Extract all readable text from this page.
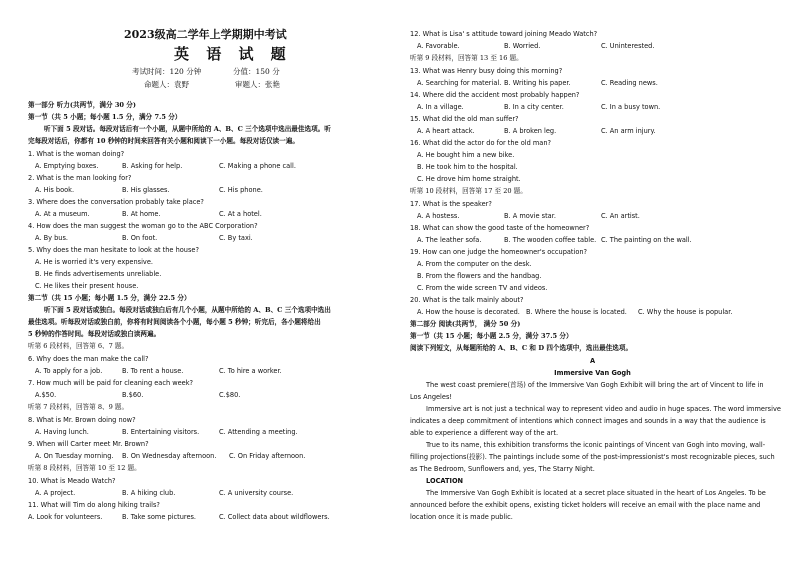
2023级高二学年上学期期中考试
英 语 试 题
考试时间：120 分钟	分值：150 分
命题人：袁野	审题人：张艳
第一部分 听力(共两节，满分 30 分)
第一节（共 5 小题；每小题 1.5 分，满分 7.5 分）
听下面 5 段对话。每段对话后有一个小题，从题中所给的 A、B、C 三个选项中选出最佳选项。听
完每段对话后，你都有 10 秒钟的时间来回答有关小题和阅读下一小题。每段对话仅读一遍。
1. What is the woman doing?
A. Emptying boxes.	B. Asking for help.	C. Making a phone call.
2. What is the man looking for?
A. His book.	B. His glasses.	C. His phone.
3. Where does the conversation probably take place?
A. At a museum.	B. At home.	C. At a hotel.
4. How does the man suggest the woman go to the ABC Corporation?
A. By bus.	B. On foot.	C. By taxi.
5. Why does the man hesitate to look at the house?
A. He is worried it's very expensive.
B. He finds advertisements unreliable.
C. He likes their present house.
第二节（共 15 小题；每小题 1.5 分，满分 22.5 分）
听下面 5 段对话或独白。每段对话或独白后有几个小题，从题中所给的 A、B、C 三个选项中选出
最佳选项。听每段对话或独白前，你将有时间阅读各个小题，每小题 5 秒钟；听完后，各小题将给出
5 秒钟的作答时间。每段对话或独白读两遍。
听第 6 段材料，回答第 6、7 题。
6. Why does the man make the call?
A. To apply for a job.	B. To rent a house.	C. To hire a worker.
7. How much will be paid for cleaning each week?
A.$50.	B.$60.	C.$80.
听第 7 段材料，回答第 8、9 题。
8. What is Mr. Brown doing now?
A. Having lunch.	B. Entertaining visitors.	C. Attending a meeting.
9. When will Carter meet Mr. Brown?
A. On Tuesday morning. B. On Wednesday afternoon. C. On Friday afternoon.
听第 8 段材料，回答第 10 至 12 题。
10. What is Meado Watch?
A. A project.	B. A hiking club.	C. A university course.
11. What will Tim do along hiking trails?
A. Look for volunteers.	B. Take some pictures.	C. Collect data about wildflowers.
12. What is Lisa' s attitude toward joining Meado Watch?
A. Favorable.	B. Worried.	C. Uninterested.
听第 9 段材料，回答第 13 至 16 题。
13. What was Henry busy doing this morning?
A. Searching for material. B. Writing his paper.	C. Reading news.
14. Where did the accident most probably happen?
A. In a village.	B. In a city center.	C. In a busy town.
15. What did the old man suffer?
A. A heart attack.	B. A broken leg.	C. An arm injury.
16. What did the actor do for the old man?
A. He bought him a new bike.
B. He took him to the hospital.
C. He drove him home straight.
听第 10 段材料，回答第 17 至 20 题。
17. What is the speaker?
A. A hostess.	B. A movie star.	C. An artist.
18. What can show the good taste of the homeowner?
A. The leather sofa.	B. The wooden coffee table. C. The painting on the wall.
19. How can one judge the homeowner's occupation?
A. From the computer on the desk.
B. From the flowers and the handbag.
C. From the wide screen TV and videos.
20. What is the talk mainly about?
A. How the house is decorated. B. Where the house is located. C. Why the house is popular.
第二部分 阅读(共两节， 满分 50 分)
第一节（共 15 小题；每小题 2.5 分，满分 37.5 分）
阅读下列短文，从每题所给的 A、B、C 和 D 四个选项中，选出最佳选项。
A
Immersive Van Gogh
The west coast premiere(首场) of the Immersive Van Gogh Exhibit will bring the art of Vincent to life in
Los Angeles!
Immersive art is not just a technical way to represent video and audio in huge spaces. The word immersive
indicates a deep commitment of intentions which connect images and sounds in a way that the audience is
able to experience a different way of the art.
True to its name, this exhibition transforms the iconic paintings of Vincent van Gogh into moving, wall-
filling projections(投影). The paintings include some of the post-impressionist's most recognizable pieces, such
as The Bedroom, Sunflowers and, yes, The Starry Night.
LOCATION
The Immersive Van Gogh Exhibit is located at a secret place situated in the heart of Los Angeles. To be
announced before the exhibit opens, existing ticket holders will receive an email with the place name and
location once it is made public.
